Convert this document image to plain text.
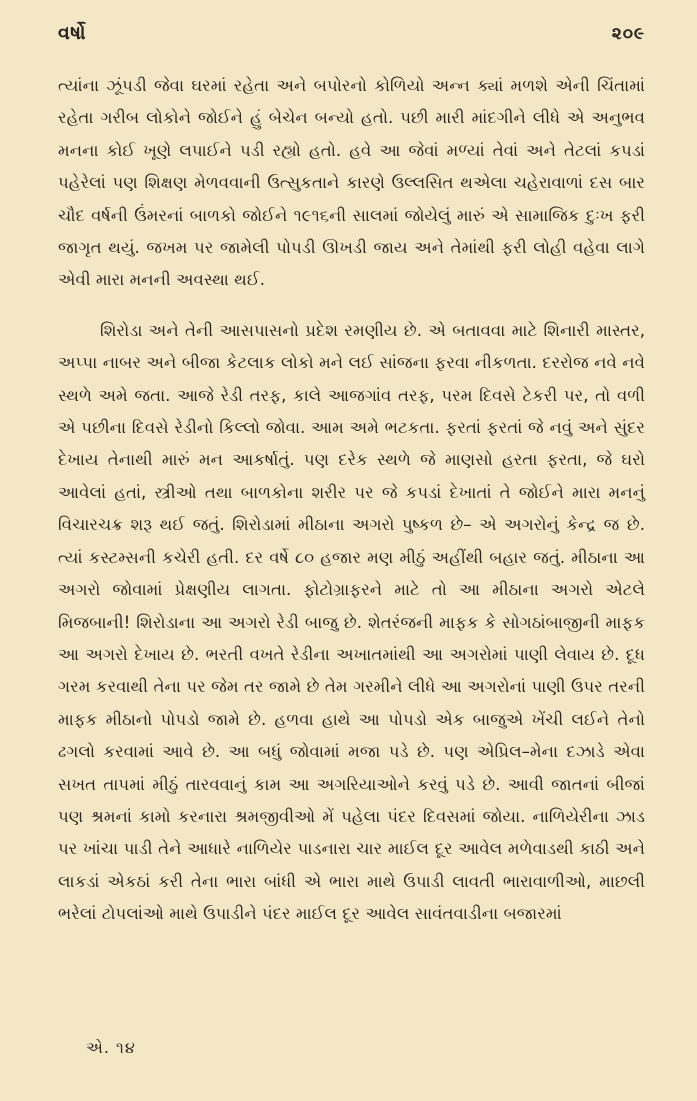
વર્ષો	૨૦૯

ત્યાંના ઝૂંપડી જેવા ઘરમાં રહેતા અને બપોરનો કોળિયો અન્ન ક્યાં મળશે એની ચિંતામાં રહેતા ગરીબ લોકોને જોઈને હું બેચેન બન્યો હતો. પછી મારી માંદગીને લીધે એ અનુભવ મનના કોઈ ખૂણે લપાઈને પડી રહ્યો હતો. હવે આ જેવાં મળ્યાં તેવાં અને તેટલાં કપડાં પહેરેલાં પણ શિક્ષણ મેળવવાની ઉત્સુકતાને કારણે ઉલ્લસિત થએલા ચહેરાવાળાં દસ બાર ચૌદ વર્ષની ઉંમરનાં બાળકો જોઈને ૧૯૧૬ની સાલમાં જોયેલું મારું એ સામાજિક દુઃખ ફરી જાગૃત થયું. જખમ પર જામેલી પોપડી ઊખડી જાય અને તેમાંથી ફરી લોહી વહેવા લાગે એવી મારા મનની અવસ્થા થઈ.

શિરોડા અને તેની આસપાસનો પ્રદેશ રમણીય છે. એ બતાવવા માટે શિનારી માસ્તર, અપ્પા નાબર અને બીજા કેટલાક લોકો મને લઈ સાંજના ફરવા નીકળતા. દરરોજ નવે નવે સ્થળે અમે જતા. આજે રેડી તરફ, કાલે આજગાંવ તરફ, પરમ દિવસે ટેકરી પર, તો વળી એ પછીના દિવસે રેડીનો કિલ્લો જોવા. આમ અમે ભટકતા. ફરતાં ફરતાં જે નવું અને સુંદર દેખાય તેનાથી મારું મન આકર્ષાતું. પણ દરેક સ્થળે જે માણસો હરતા ફરતા, જે ઘરો આવેલાં હતાં, સ્ત્રીઓ તથા બાળકોના શરીર પર જે કપડાં દેખાતાં તે જોઈને મારા મનનું વિચારચક્ર શરૂ થઈ જતું. શિરોડામાં મીઠાના અગરો પુષ્કળ છે– એ અગરોનું કેન્દ્ર જ છે. ત્યાં કસ્ટમ્સની કચેરી હતી. દર વર્ષે ૮૦ હજાર મણ મીઠું અહીંથી બહાર જતું. મીઠાના આ અગરો જોવામાં પ્રેક્ષણીય લાગતા. ફોટોગ્રાફરને માટે તો આ મીઠાના અગરો એટલે મિજબાની! શિરોડાના આ અગરો રેડી બાજુ છે. શેતરંજની માફક કે સોગઠાંબાજીની માફક આ અગરો દેખાય છે. ભરતી વખતે રેડીના અખાતમાંથી આ અગરોમાં પાણી લેવાય છે. દૂધ ગરમ કરવાથી તેના પર જેમ તર જામે છે તેમ ગરમીને લીધે આ અગરોનાં પાણી ઉપર તરની માફક મીઠાનો પોપડો જામે છે. હળવા હાથે આ પોપડો એક બાજુએ ખેંચી લઈને તેનો ઢગલો કરવામાં આવે છે. આ બધું જોવામાં મજા પડે છે. પણ એપ્રિલ–મેના દઝાડે એવા સખત તાપમાં મીઠું તારવવાનું કામ આ અગરિયાઓને કરવું પડે છે. આવી જાતનાં બીજાં પણ શ્રમનાં કામો કરનારા શ્રમજીવીઓ મેં પહેલા પંદર દિવસમાં જોયા. નાળિયેરીના ઝાડ પર ખાંચા પાડી તેને આધારે નાળિયેર પાડનારા ચાર માઈલ દૂર આવેલ મળેવાડથી કાઠી અને લાકડાં એકઠાં કરી તેના ભારા બાંધી એ ભારા માથે ઉપાડી લાવતી ભારાવાળીઓ, માછલી ભરેલાં ટોપલાંઓ માથે ઉપાડીને પંદર માઈલ દૂર આવેલ સાવંતવાડીના બજારમાં

એ. ૧૪
